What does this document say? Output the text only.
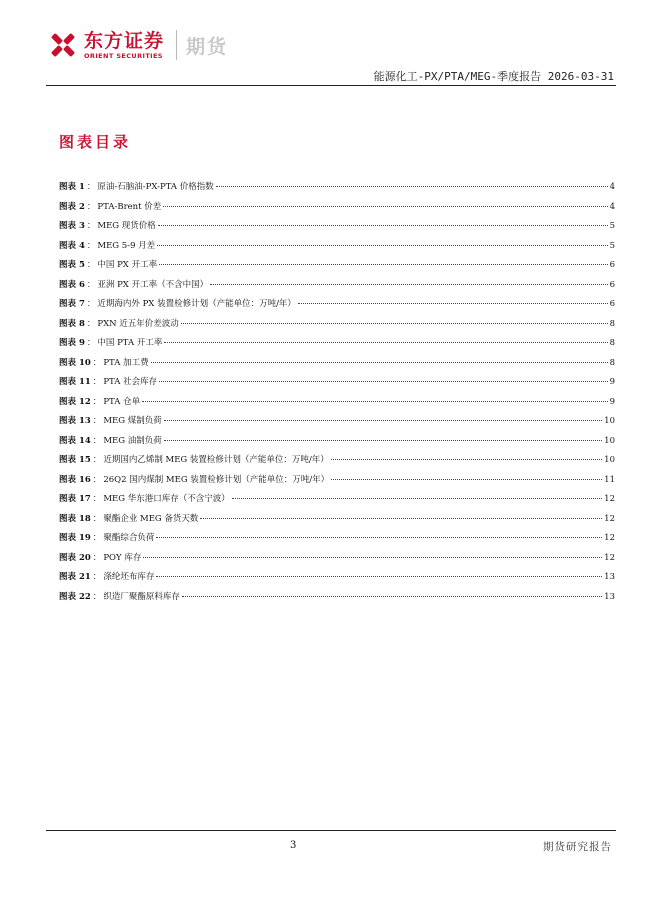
东方证券
ORIENT SECURITIES 期货
能源化工-PX/PTA/MEG-季度报告 2026-03-31
图表目录
图表 1 ： 原油-石脑油-PX-PTA 价格指数	4
图表 2 ： PTA-Brent 价差	4
图表 3 ： MEG 现货价格	5
图表 4 ： MEG 5-9 月差	5
图表 5 ： 中国 PX 开工率	6
图表 6 ： 亚洲 PX 开工率（不含中国）	6
图表 7 ： 近期海内外 PX 装置检修计划（产能单位：万吨/年）	6
图表 8 ： PXN 近五年价差波动	8
图表 9 ： 中国 PTA 开工率	8
图表 10 ： PTA 加工费	8
图表 11 ： PTA 社会库存	9
图表 12 ： PTA 仓单	9
图表 13 ： MEG 煤制负荷	10
图表 14 ： MEG 油制负荷	10
图表 15 ： 近期国内乙烯制 MEG 装置检修计划（产能单位：万吨/年）	10
图表 16 ： 26Q2 国内煤制 MEG 装置检修计划（产能单位：万吨/年）	11
图表 17 ： MEG 华东港口库存（不含宁波）	12
图表 18 ： 聚酯企业 MEG 备货天数	12
图表 19 ： 聚酯综合负荷	12
图表 20 ： POY 库存	12
图表 21 ： 涤纶坯布库存	13
图表 22 ： 织造厂聚酯原料库存	13
3	期货研究报告
